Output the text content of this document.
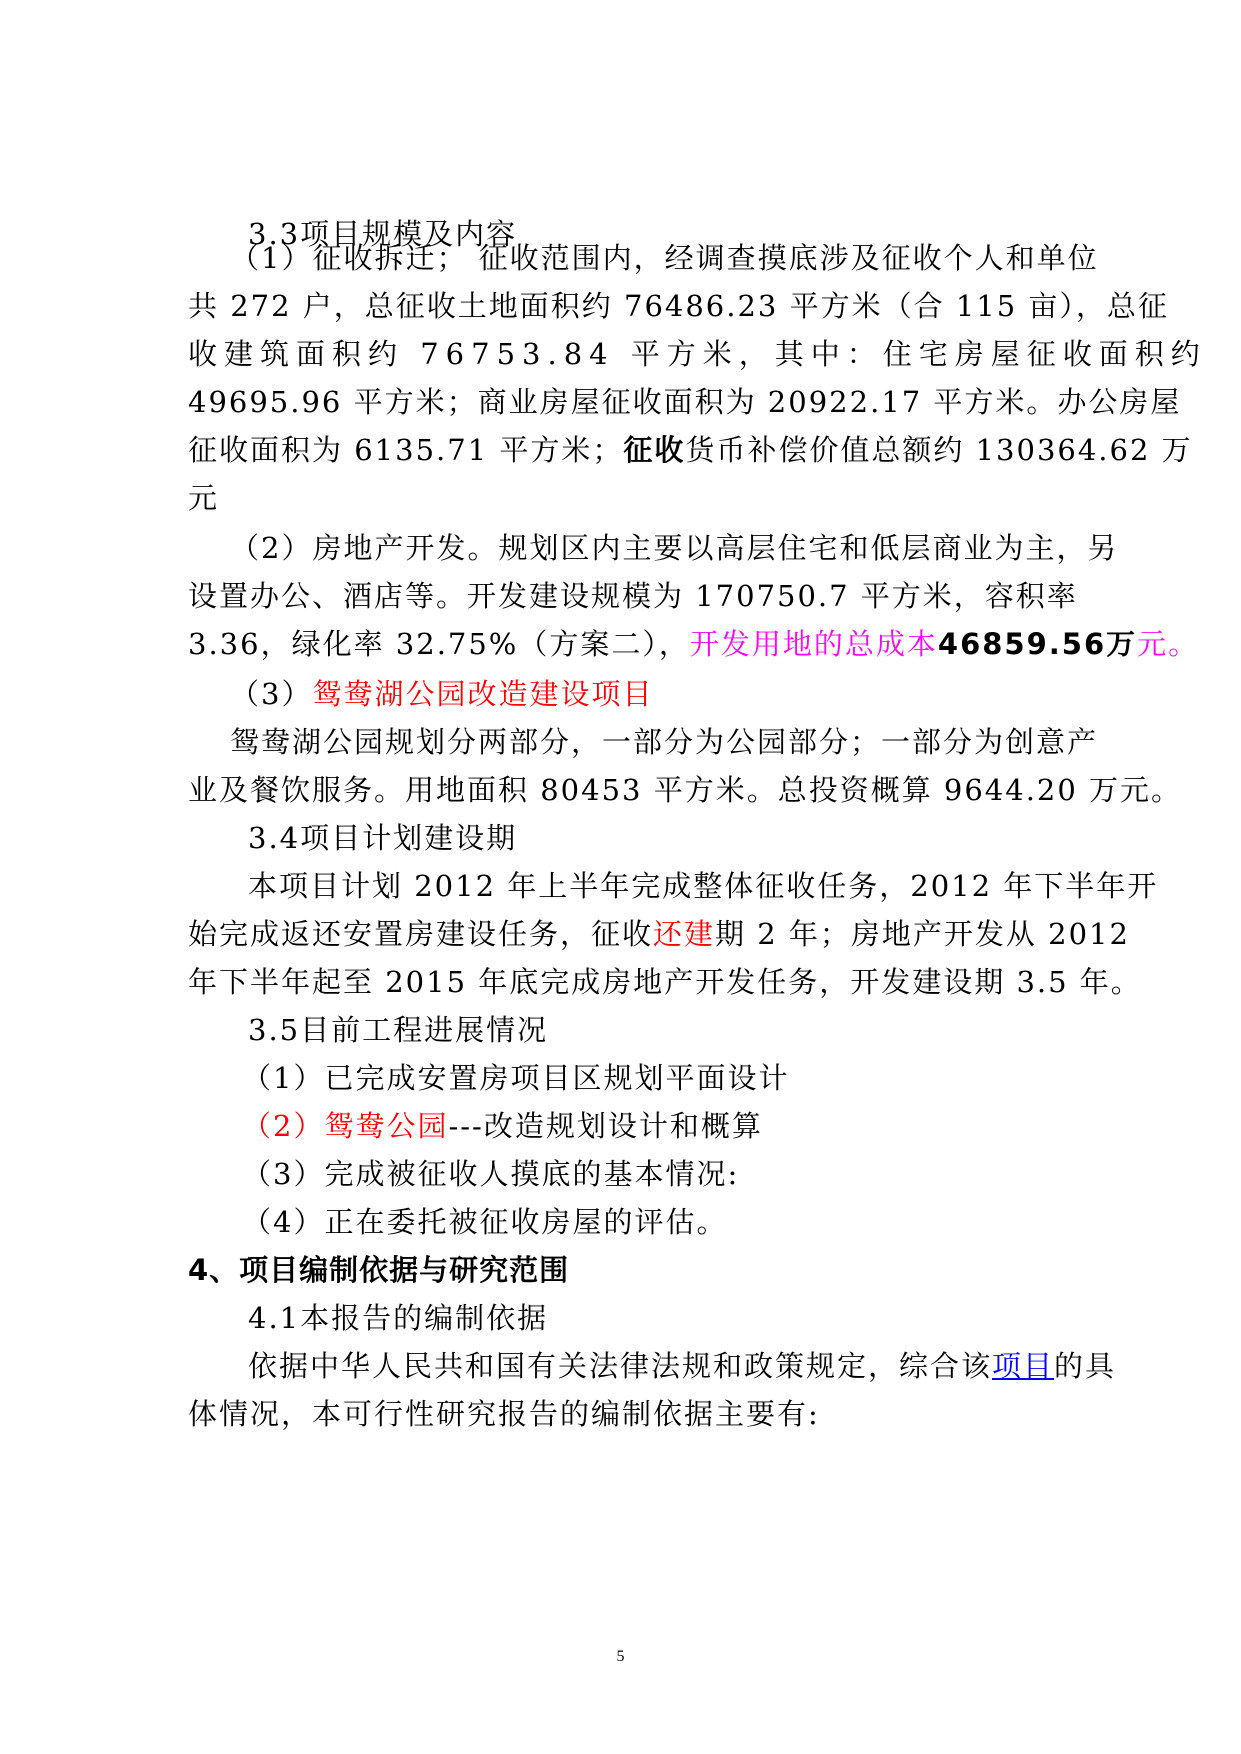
3.3项目规模及内容
（1）征收拆迁； 征收范围内，经调查摸底涉及征收个人和单位
共 272 户，总征收土地面积约 76486.23 平方米（合 115 亩），总征
收建筑面积约 76753.84 平方米，其中：住宅房屋征收面积约
49695.96 平方米；商业房屋征收面积为 20922.17 平方米。办公房屋
征收面积为 6135.71 平方米；征收货币补偿价值总额约 130364.62 万
元
（2）房地产开发。规划区内主要以高层住宅和低层商业为主，另
设置办公、酒店等。开发建设规模为 170750.7 平方米，容积率
3.36，绿化率 32.75%（方案二），开发用地的总成本46859.56万元。
（3）鸳鸯湖公园改造建设项目
鸳鸯湖公园规划分两部分，一部分为公园部分；一部分为创意产
业及餐饮服务。用地面积 80453 平方米。总投资概算 9644.20 万元。
3.4项目计划建设期
本项目计划 2012 年上半年完成整体征收任务，2012 年下半年开
始完成返还安置房建设任务，征收还建期 2 年；房地产开发从 2012
年下半年起至 2015 年底完成房地产开发任务，开发建设期 3.5 年。
3.5目前工程进展情况
（1）已完成安置房项目区规划平面设计
（2）鸳鸯公园---改造规划设计和概算
（3）完成被征收人摸底的基本情况:
（4）正在委托被征收房屋的评估。
4、项目编制依据与研究范围
4.1本报告的编制依据
依据中华人民共和国有关法律法规和政策规定，综合该项目的具
体情况，本可行性研究报告的编制依据主要有:
5
